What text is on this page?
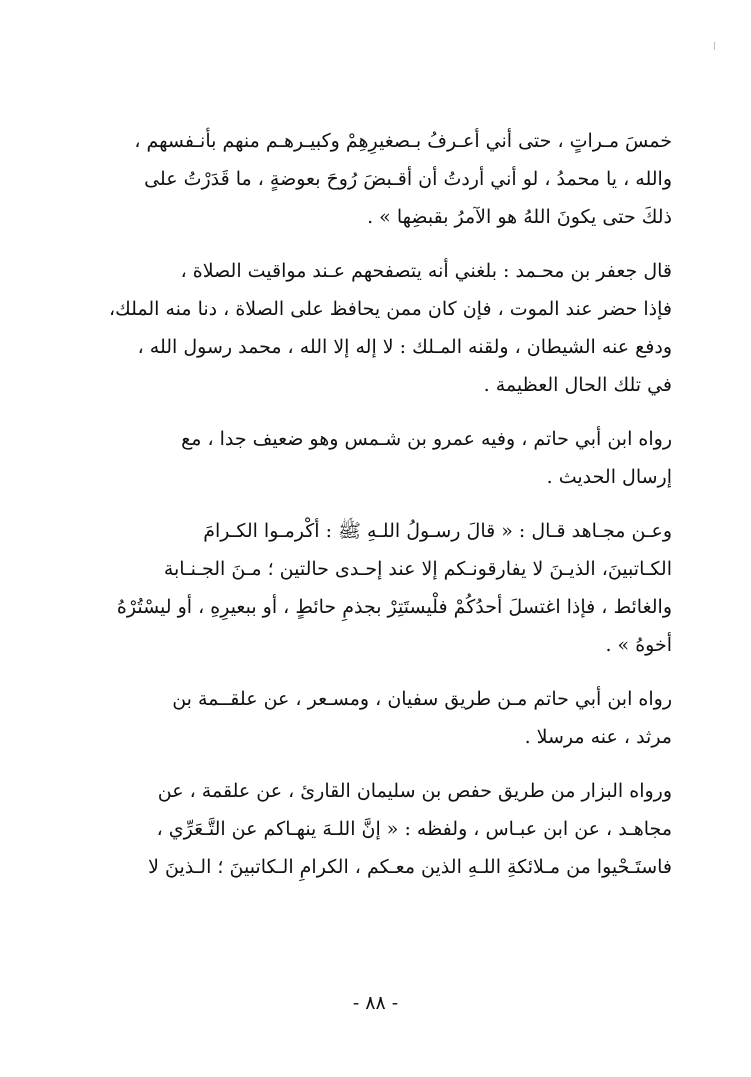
خمسَ مـراتٍ ، حتى أني أعـرفُ بـصغيرِهِمْ وكبيـرهـم منهم بأنـفسهم ،
والله ، يا محمدُ ، لو أني أردتُ أن أقـبضَ رُوحَ بعوضةٍ ، ما قَدَرْتُ على
ذلكَ حتى يكونَ اللهُ هو الآمرُ بقبضِها » .

قال جعفر بن محـمد : بلغني أنه يتصفحهم عـند مواقيت الصلاة ،
فإذا حضر عند الموت ، فإن كان ممن يحافظ على الصلاة ، دنا منه الملك،
ودفع عنه الشيطان ، ولقنه المـلك : لا إله إلا الله ، محمد رسول الله ،
في تلك الحال العظيمة .

رواه ابن أبي حاتم ، وفيه عمرو بن شـمس وهو ضعيف جدا ، مع
إرسال الحديث .

وعـن مجـاهد قـال : « قالَ رسـولُ اللـهِ ﷺ : أكْرمـوا الكـرامَ
الكـاتبينَ، الذيـنَ لا يفارقونـكم إلا عند إحـدى حالتين ؛ مـنَ الجـنـابة
والغائط ، فإذا اغتسلَ أحدُكُمْ فلْيستَتِرْ بجذمِ حائطٍ ، أو ببعيرِهِ ، أو ليسْتُرْهُ
أخوهُ » .

رواه ابن أبي حاتم مـن طريق سفيان ، ومسـعر ، عن علقــمة بن
مرثد ، عنه مرسلا .

ورواه البزار من طريق حفص بن سليمان القارئ ، عن علقمة ، عن
مجاهـد ، عن ابن عبـاس ، ولفظه : « إنَّ اللـهَ ينهـاكم عن التَّـعَرِّي ،
فاستَـحْيوا من مـلائكةِ اللـهِ الذين معـكم ، الكرامِ الـكاتبينَ ؛ الـذينَ لا

- ٨٨ -
